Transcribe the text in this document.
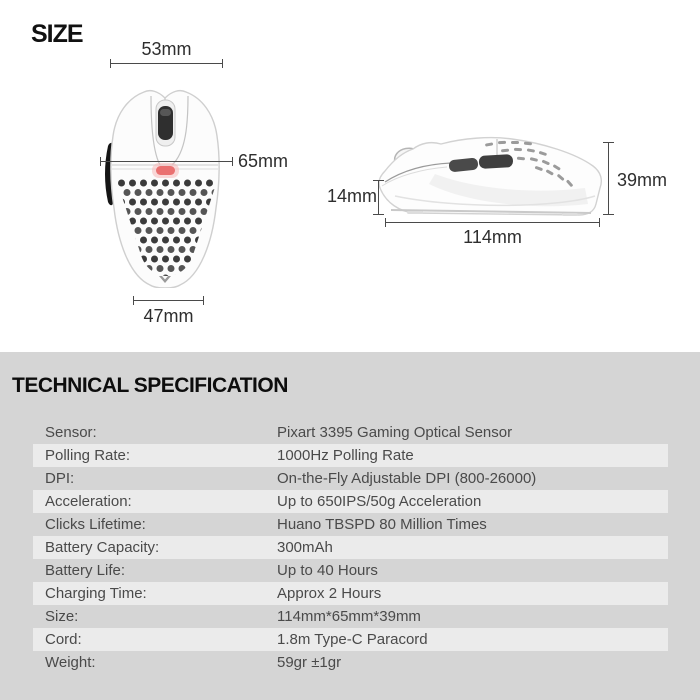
SIZE
53mm
65mm
47mm
14mm
39mm
114mm
TECHNICAL SPECIFICATION
Sensor:	Pixart 3395 Gaming Optical Sensor
Polling Rate:	1000Hz Polling Rate
DPI:	On-the-Fly Adjustable DPI (800-26000)
Acceleration:	Up to 650IPS/50g Acceleration
Clicks Lifetime:	Huano TBSPD 80 Million Times
Battery Capacity:	300mAh
Battery Life:	Up to 40 Hours
Charging Time:	Approx 2 Hours
Size:	114mm*65mm*39mm
Cord:	1.8m Type-C Paracord
Weight:	59gr ±1gr
